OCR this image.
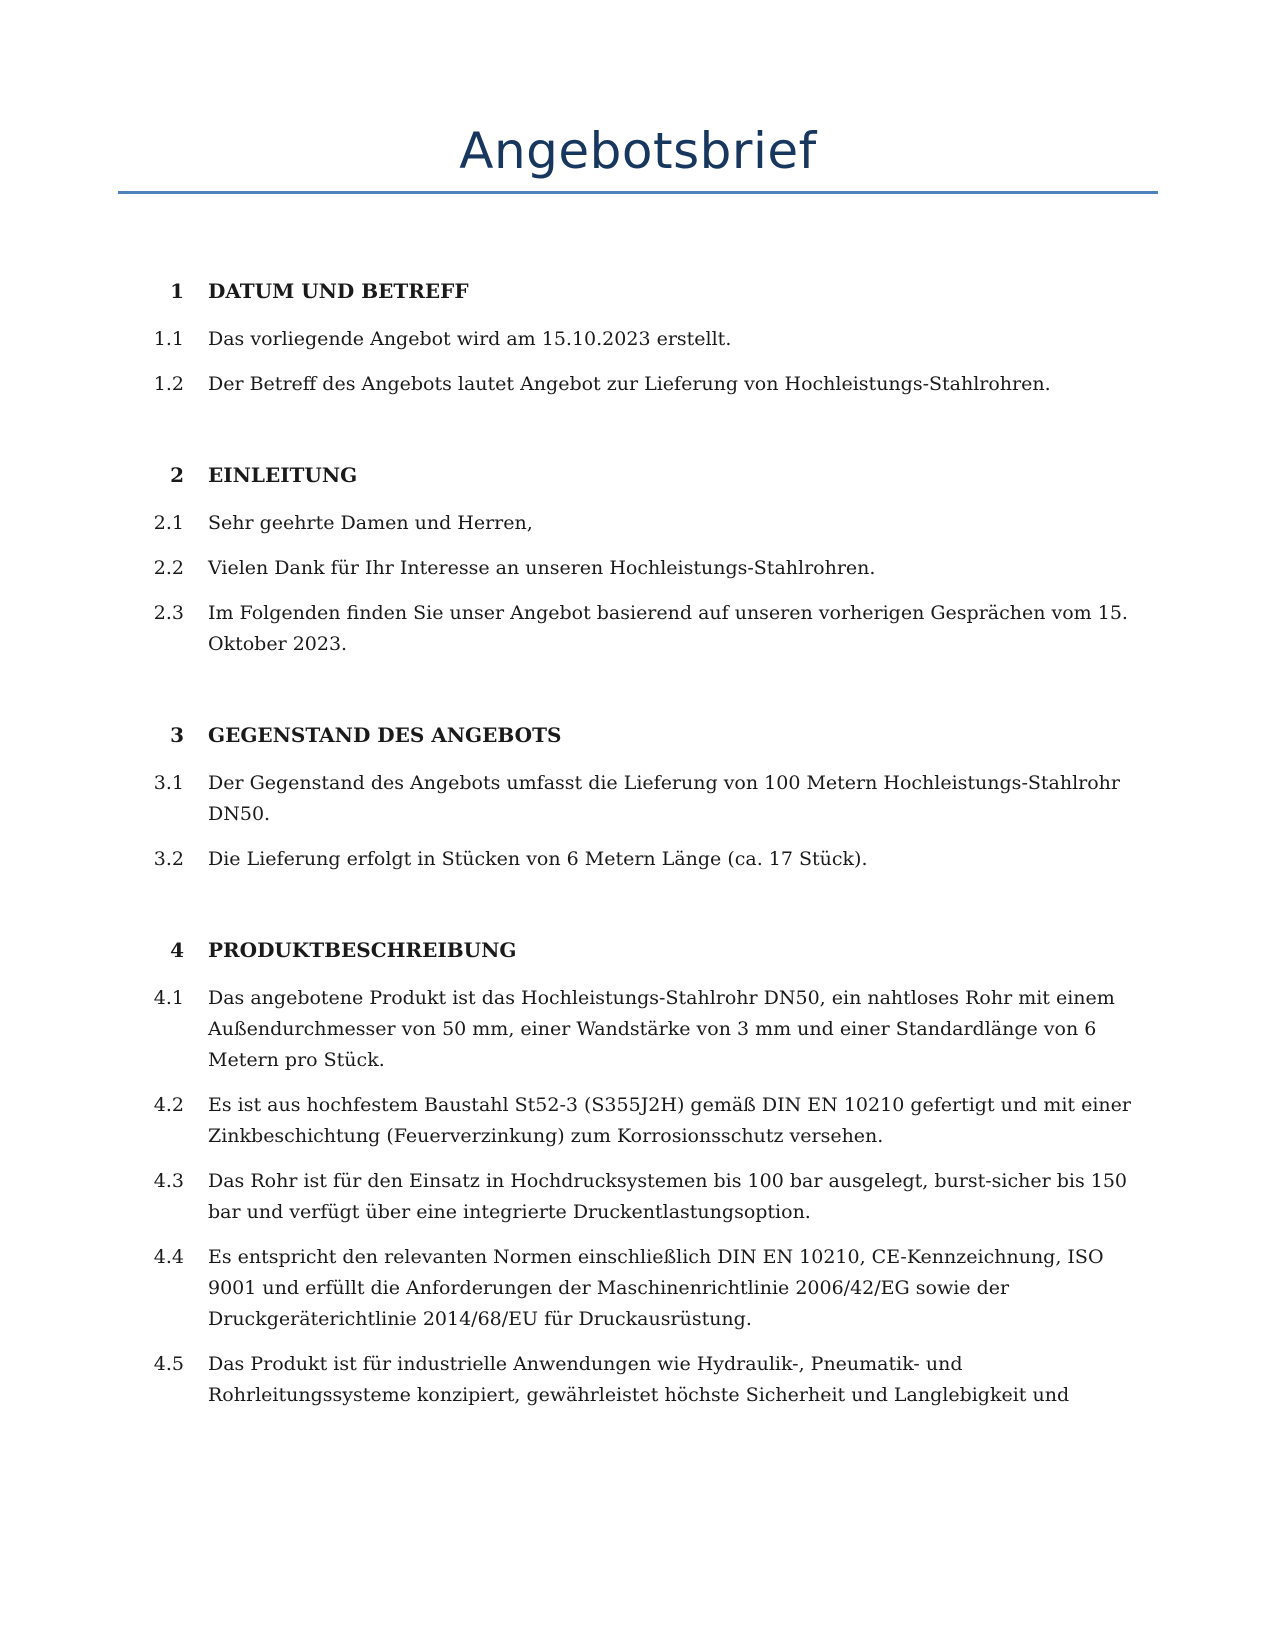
Angebotsbrief
1 DATUM UND BETREFF
1.1 Das vorliegende Angebot wird am 15.10.2023 erstellt.
1.2 Der Betreff des Angebots lautet Angebot zur Lieferung von Hochleistungs-Stahlrohren.
2 EINLEITUNG
2.1 Sehr geehrte Damen und Herren,
2.2 Vielen Dank für Ihr Interesse an unseren Hochleistungs-Stahlrohren.
2.3 Im Folgenden finden Sie unser Angebot basierend auf unseren vorherigen Gesprächen vom 15. Oktober 2023.
3 GEGENSTAND DES ANGEBOTS
3.1 Der Gegenstand des Angebots umfasst die Lieferung von 100 Metern Hochleistungs-Stahlrohr DN50.
3.2 Die Lieferung erfolgt in Stücken von 6 Metern Länge (ca. 17 Stück).
4 PRODUKTBESCHREIBUNG
4.1 Das angebotene Produkt ist das Hochleistungs-Stahlrohr DN50, ein nahtloses Rohr mit einem Außendurchmesser von 50 mm, einer Wandstärke von 3 mm und einer Standardlänge von 6 Metern pro Stück.
4.2 Es ist aus hochfestem Baustahl St52-3 (S355J2H) gemäß DIN EN 10210 gefertigt und mit einer Zinkbeschichtung (Feuerverzinkung) zum Korrosionsschutz versehen.
4.3 Das Rohr ist für den Einsatz in Hochdrucksystemen bis 100 bar ausgelegt, burst-sicher bis 150 bar und verfügt über eine integrierte Druckentlastungsoption.
4.4 Es entspricht den relevanten Normen einschließlich DIN EN 10210, CE-Kennzeichnung, ISO 9001 und erfüllt die Anforderungen der Maschinenrichtlinie 2006/42/EG sowie der Druckgeräterichtlinie 2014/68/EU für Druckausrüstung.
4.5 Das Produkt ist für industrielle Anwendungen wie Hydraulik-, Pneumatik- und Rohrleitungssysteme konzipiert, gewährleistet höchste Sicherheit und Langlebigkeit und
